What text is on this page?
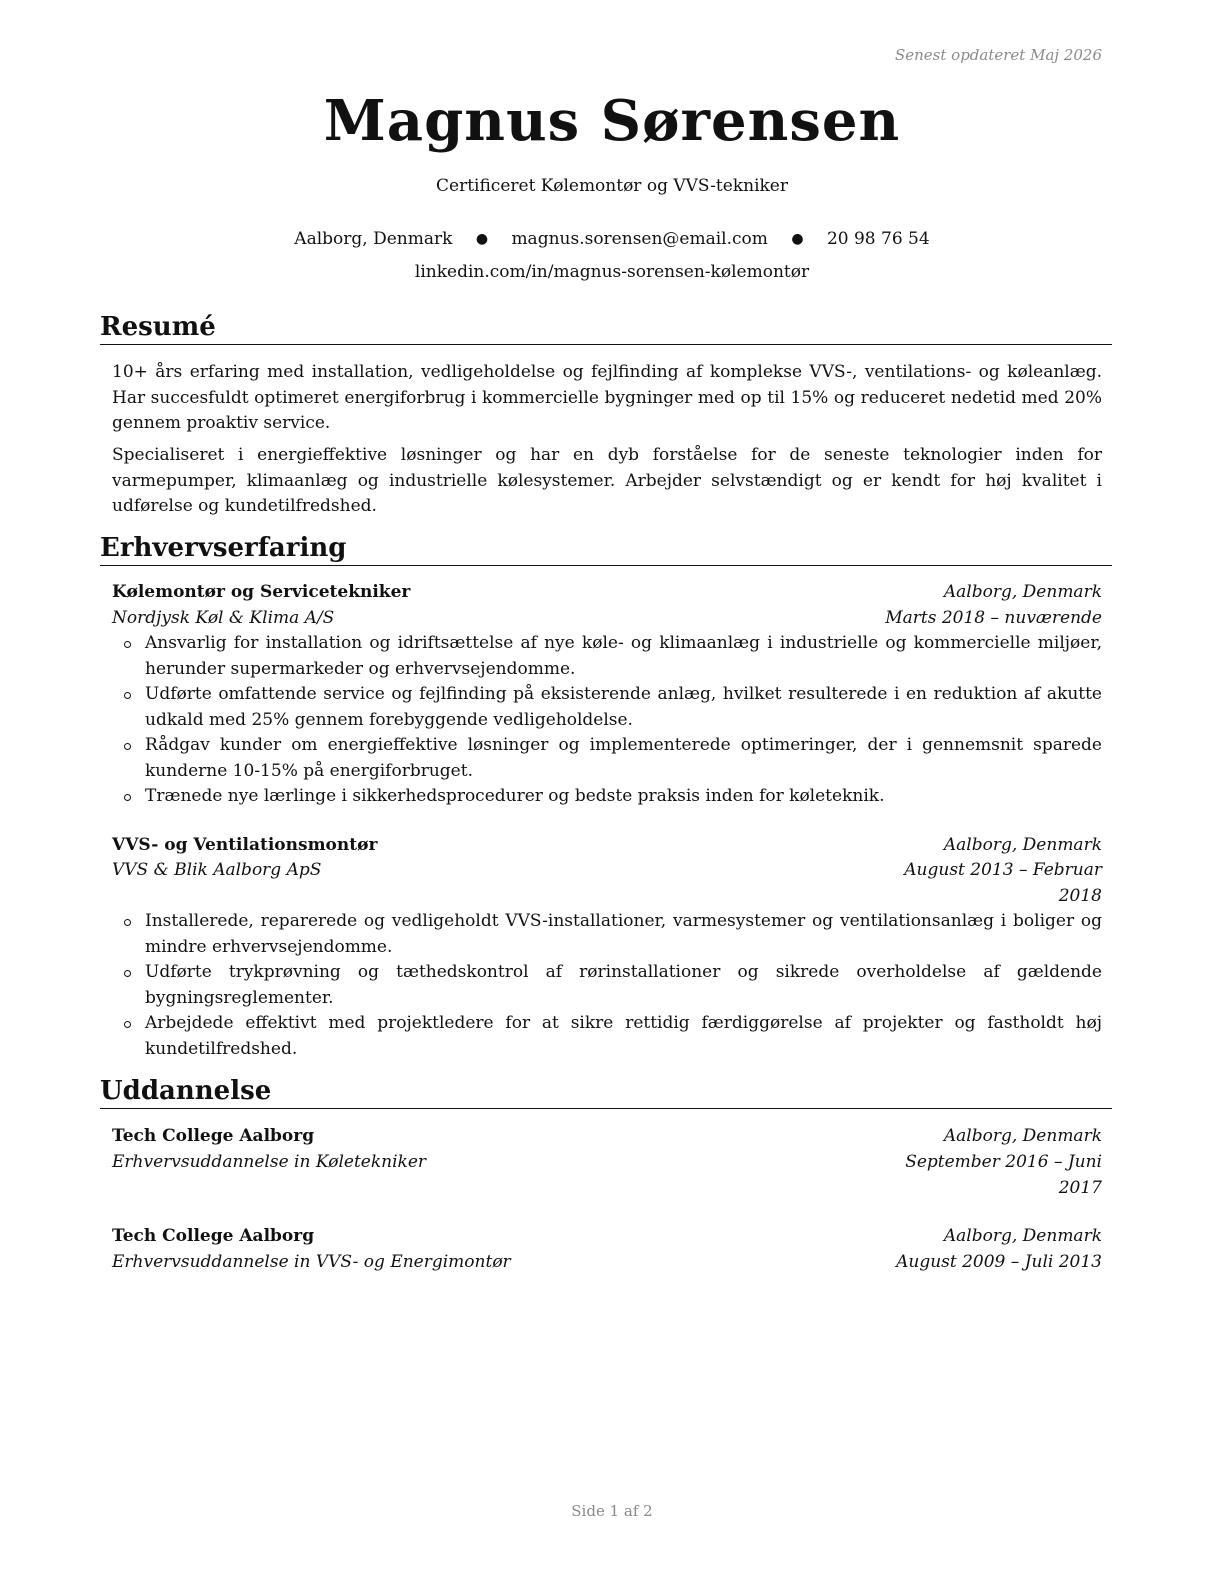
Senest opdateret Maj 2026
Magnus Sørensen
Certificeret Kølemontør og VVS-tekniker
Aalborg, Denmark ● magnus.sorensen@email.com ● 20 98 76 54
linkedin.com/in/magnus-sorensen-kølemontør
Resumé
10+ års erfaring med installation, vedligeholdelse og fejlfinding af komplekse VVS-, ventilations- og køleanlæg. Har succesfuldt optimeret energiforbrug i kommercielle bygninger med op til 15% og reduceret nedetid med 20% gennem proaktiv service.
Specialiseret i energieffektive løsninger og har en dyb forståelse for de seneste teknologier inden for varmepumper, klimaanlæg og industrielle kølesystemer. Arbejder selvstændigt og er kendt for høj kvalitet i udførelse og kundetilfredshed.
Erhvervserfaring
Kølemontør og Servicetekniker	Aalborg, Denmark
Nordjysk Køl & Klima A/S	Marts 2018 – nuværende
Ansvarlig for installation og idriftsættelse af nye køle- og klimaanlæg i industrielle og kommercielle miljøer, herunder supermarkeder og erhvervsejendomme.
Udførte omfattende service og fejlfinding på eksisterende anlæg, hvilket resulterede i en reduktion af akutte udkald med 25% gennem forebyggende vedligeholdelse.
Rådgav kunder om energieffektive løsninger og implementerede optimeringer, der i gennemsnit sparede kunderne 10-15% på energiforbruget.
Trænede nye lærlinge i sikkerhedsprocedurer og bedste praksis inden for køleteknik.
VVS- og Ventilationsmontør	Aalborg, Denmark
VVS & Blik Aalborg ApS	August 2013 – Februar 2018
Installerede, reparerede og vedligeholdt VVS-installationer, varmesystemer og ventilationsanlæg i boliger og mindre erhvervsejendomme.
Udførte trykprøvning og tæthedskontrol af rørinstallationer og sikrede overholdelse af gældende bygningsreglementer.
Arbejdede effektivt med projektledere for at sikre rettidig færdiggørelse af projekter og fastholdt høj kundetilfredshed.
Uddannelse
Tech College Aalborg	Aalborg, Denmark
Erhvervsuddannelse in Køletekniker	September 2016 – Juni 2017
Tech College Aalborg	Aalborg, Denmark
Erhvervsuddannelse in VVS- og Energimontør	August 2009 – Juli 2013
Side 1 af 2
